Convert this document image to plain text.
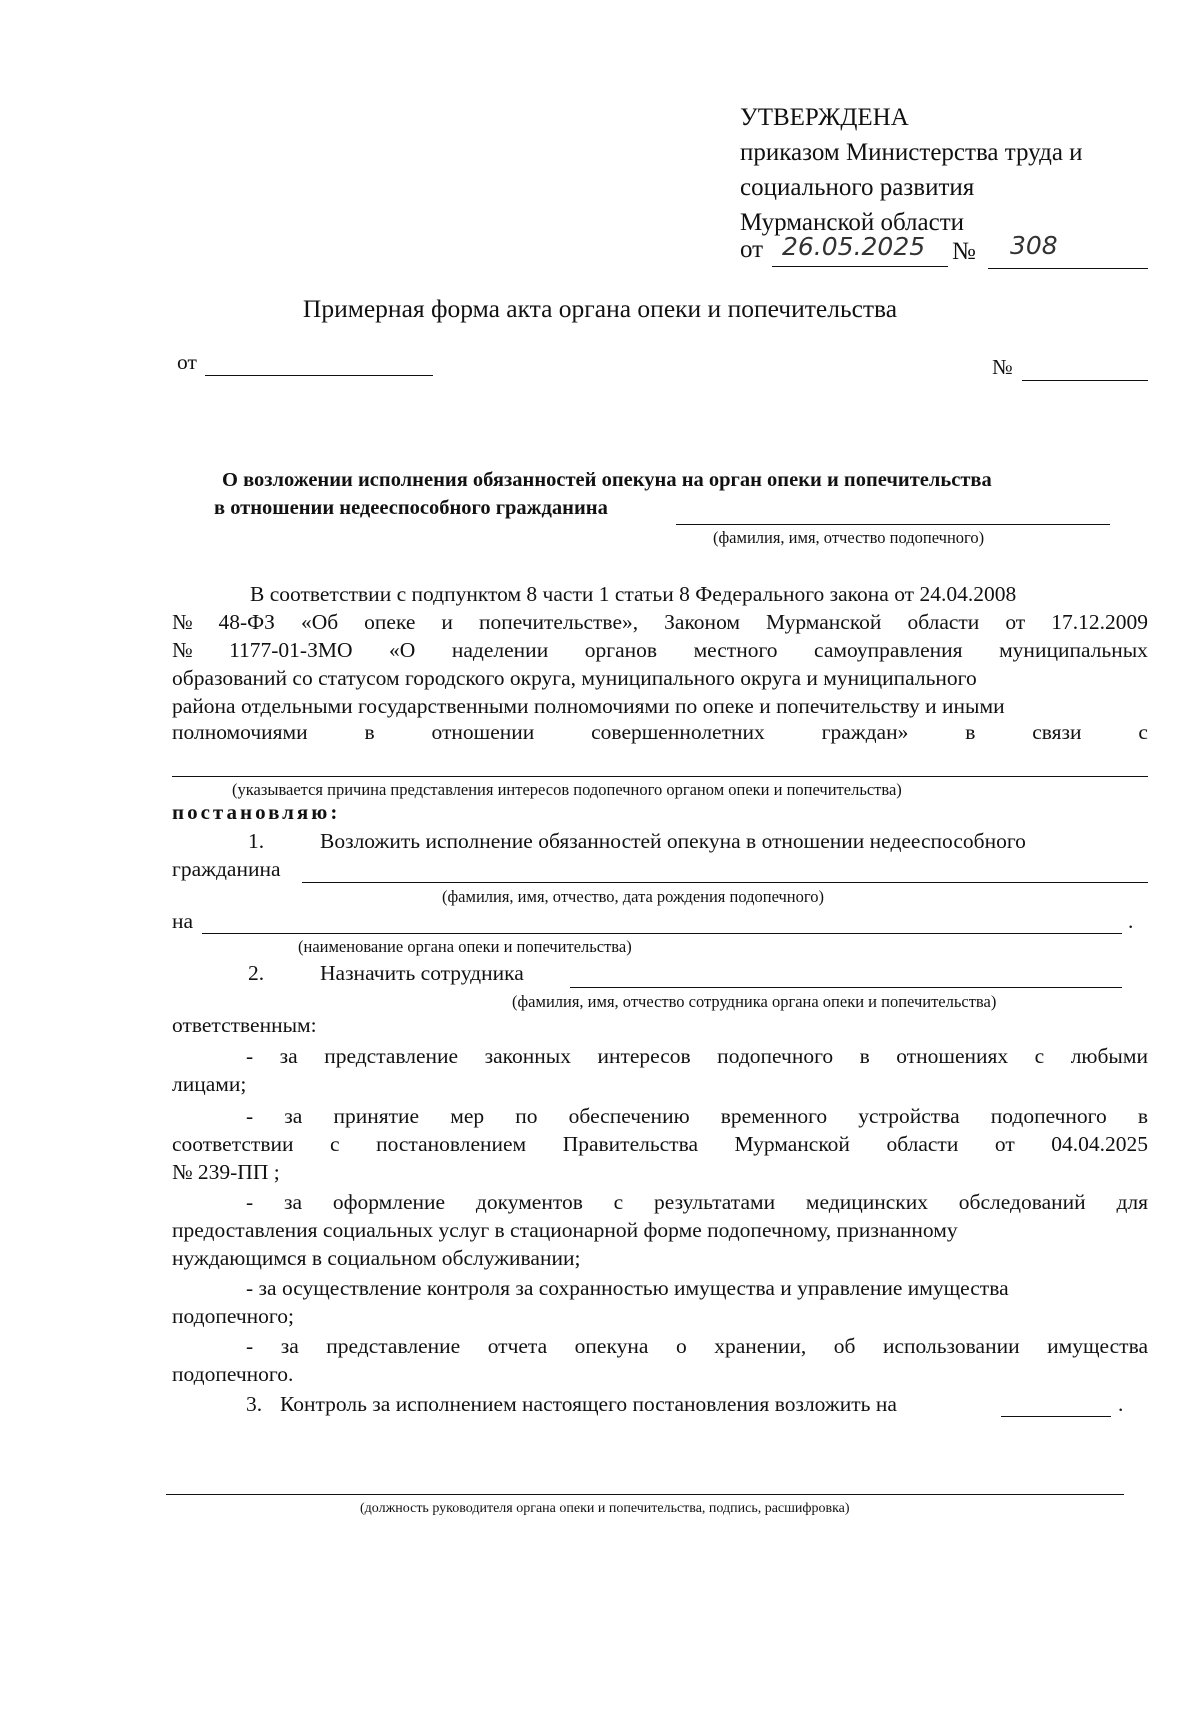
УТВЕРЖДЕНА
приказом Министерства труда и
социального развития
Мурманской области
от 26.05.2025 № 308
Примерная форма акта органа опеки и попечительства
от	№
О возложении исполнения обязанностей опекуна на орган опеки и попечительства
в отношении недееспособного гражданина
(фамилия, имя, отчество подопечного)
В соответствии с подпунктом 8 части 1 статьи 8 Федерального закона от 24.04.2008
№ 48-ФЗ «Об опеке и попечительстве», Законом Мурманской области от 17.12.2009
№ 1177-01-ЗМО «О наделении органов местного самоуправления муниципальных
образований со статусом городского округа, муниципального округа и муниципального
района отдельными государственными полномочиями по опеке и попечительству и иными
полномочиями	в	отношении	совершеннолетних	граждан»	в	связи	с
(указывается причина представления интересов подопечного органом опеки и попечительства)
постановляю:
1.	Возложить исполнение обязанностей опекуна в отношении недееспособного
гражданина
(фамилия, имя, отчество, дата рождения подопечного)
на	.
(наименование органа опеки и попечительства)
2.	Назначить сотрудника
(фамилия, имя, отчество сотрудника органа опеки и попечительства)
ответственным:
- за представление законных интересов подопечного в отношениях с любыми
лицами;
- за принятие мер по обеспечению временного устройства подопечного в
соответствии с постановлением Правительства Мурманской области от 04.04.2025
№ 239-ПП ;
- за оформление документов с результатами медицинских обследований для
предоставления социальных услуг в стационарной форме подопечному, признанному
нуждающимся в социальном обслуживании;
- за осуществление контроля за сохранностью имущества и управление имущества
подопечного;
- за представление отчета опекуна о хранении, об использовании имущества
подопечного.
3. Контроль за исполнением настоящего постановления возложить на	.
(должность руководителя органа опеки и попечительства, подпись, расшифровка)
